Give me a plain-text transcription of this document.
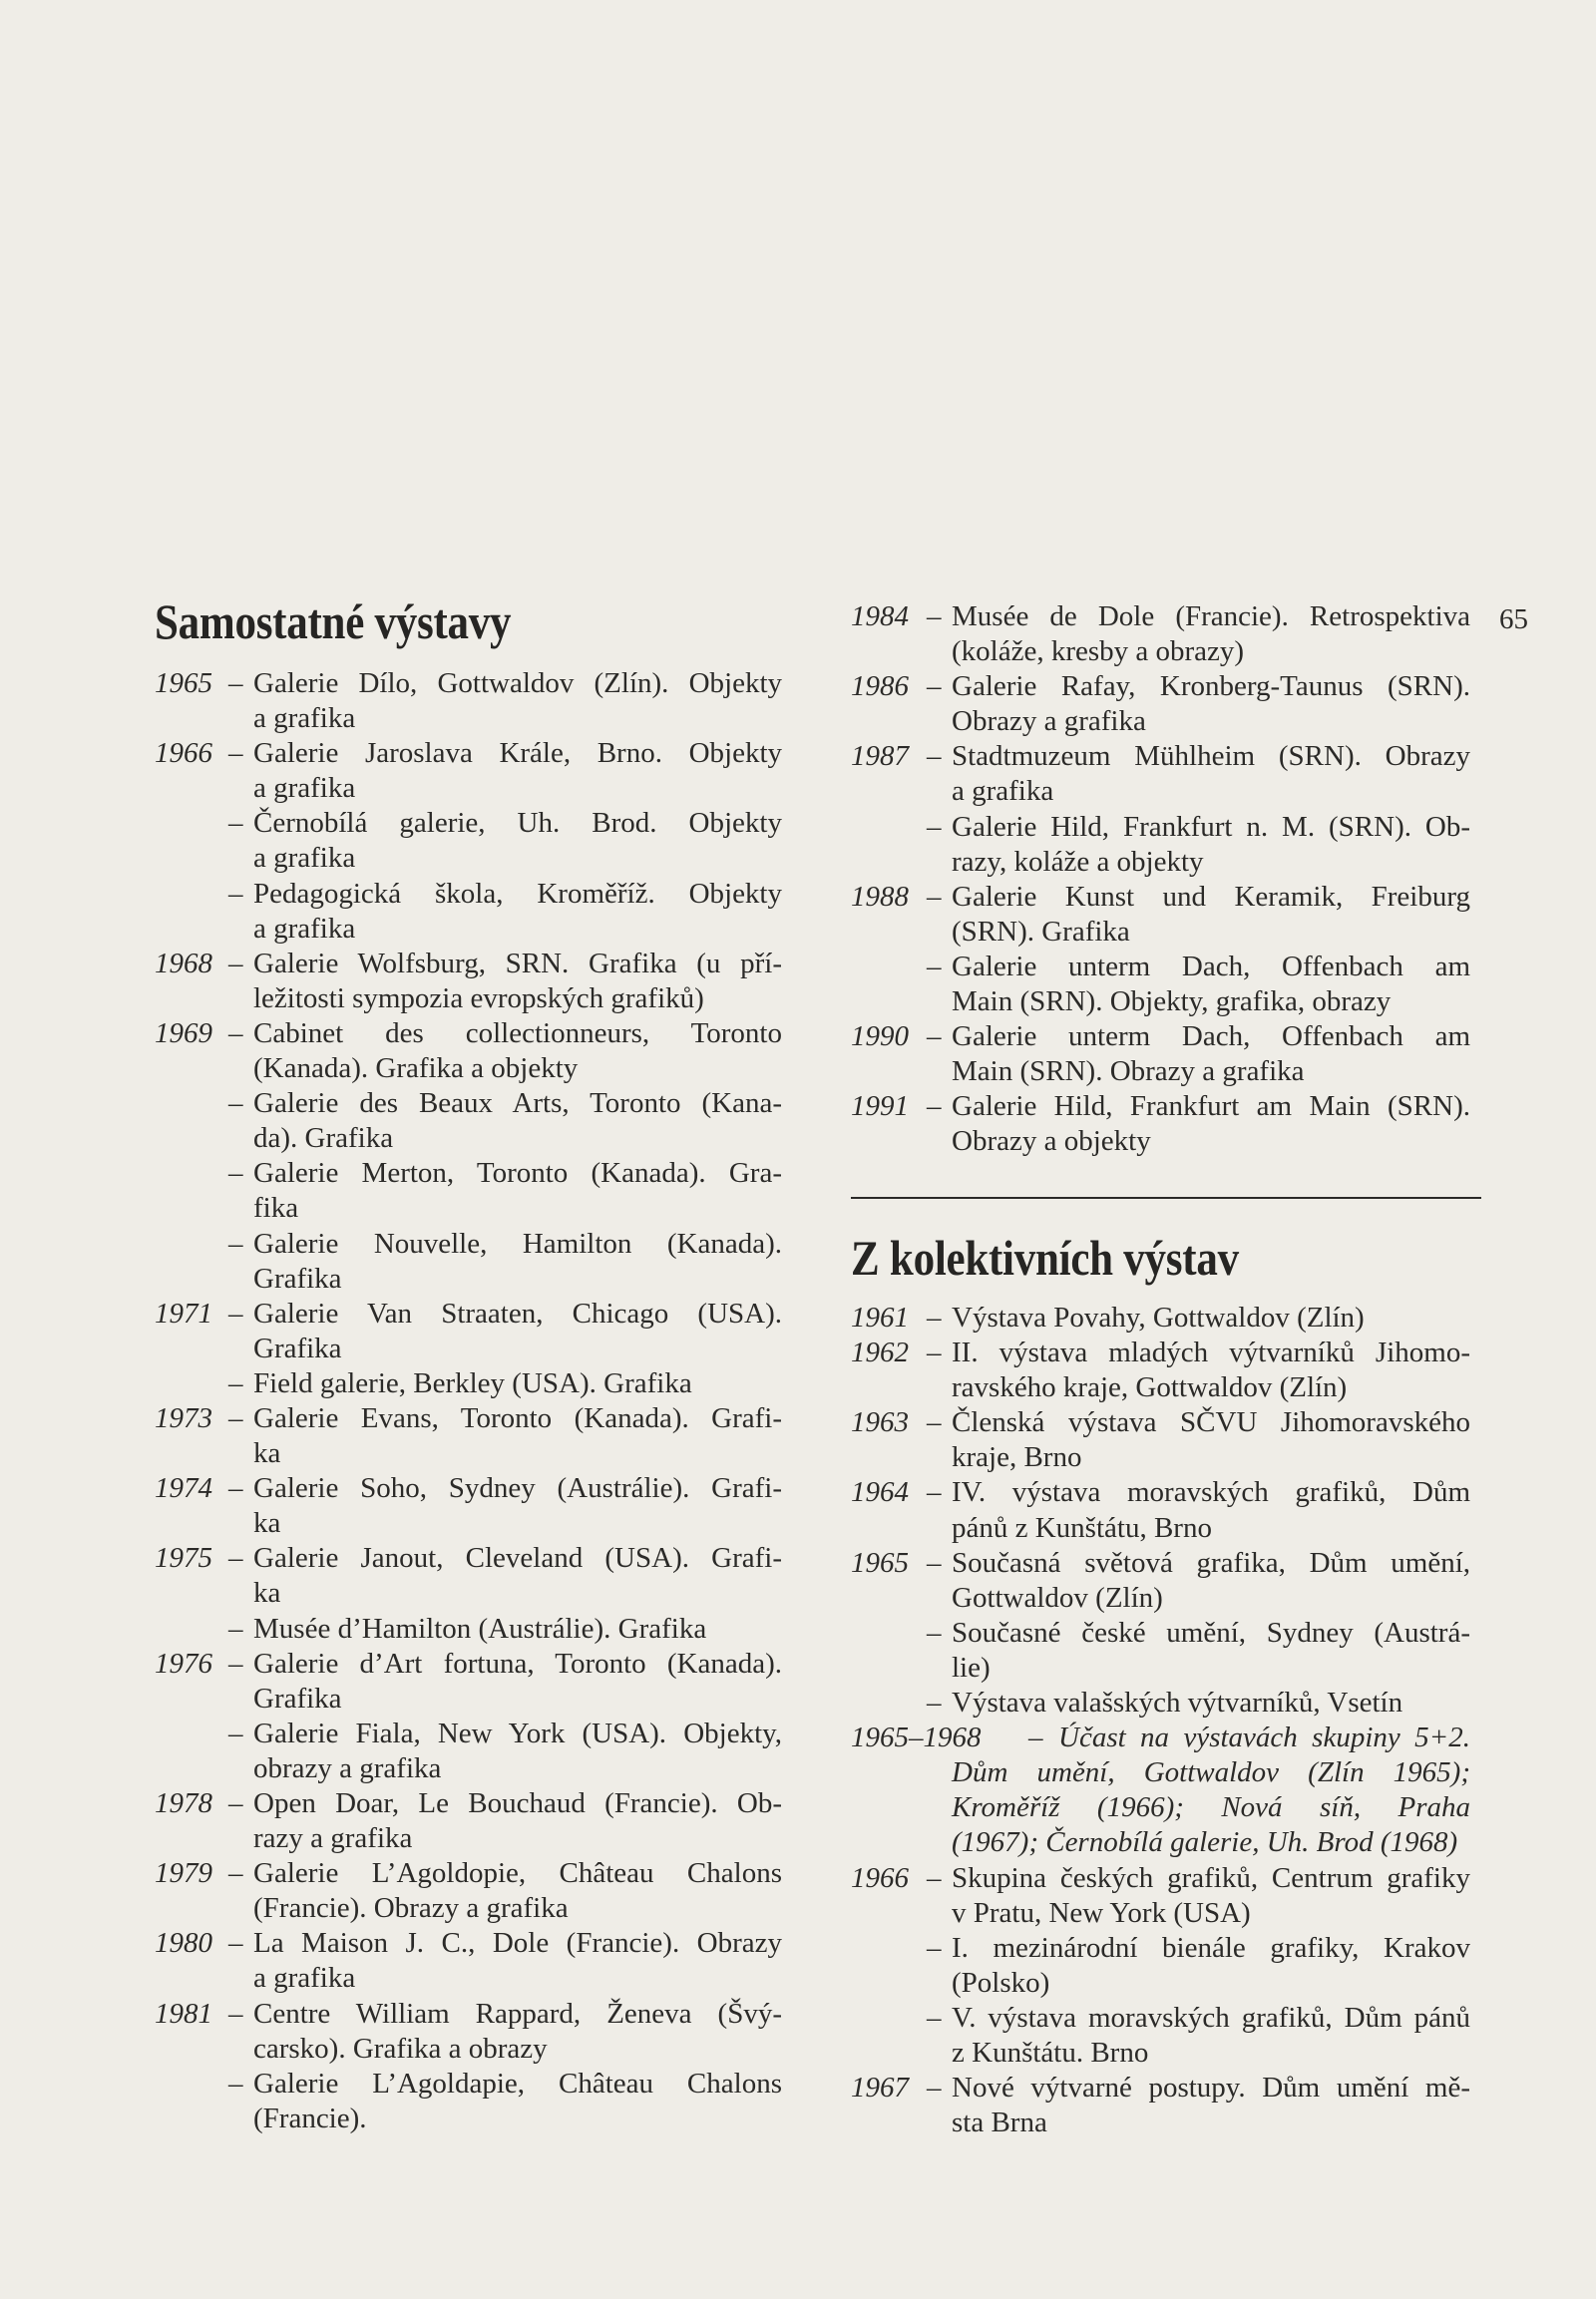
Samostatné výstavy
1965 – Galerie Dílo, Gottwaldov (Zlín). Objekty
a grafika
1966 – Galerie Jaroslava Krále, Brno. Objekty
a grafika
– Černobílá galerie, Uh. Brod. Objekty
a grafika
– Pedagogická škola, Kroměříž. Objekty
a grafika
1968 – Galerie Wolfsburg, SRN. Grafika (u pří-
ležitosti sympozia evropských grafiků)
1969 – Cabinet des collectionneurs, Toronto
(Kanada). Grafika a objekty
– Galerie des Beaux Arts, Toronto (Kana-
da). Grafika
– Galerie Merton, Toronto (Kanada). Gra-
fika
– Galerie Nouvelle, Hamilton (Kanada).
Grafika
1971 – Galerie Van Straaten, Chicago (USA).
Grafika
– Field galerie, Berkley (USA). Grafika
1973 – Galerie Evans, Toronto (Kanada). Grafi-
ka
1974 – Galerie Soho, Sydney (Austrálie). Grafi-
ka
1975 – Galerie Janout, Cleveland (USA). Grafi-
ka
– Musée d’Hamilton (Austrálie). Grafika
1976 – Galerie d’Art fortuna, Toronto (Kanada).
Grafika
– Galerie Fiala, New York (USA). Objekty,
obrazy a grafika
1978 – Open Doar, Le Bouchaud (Francie). Ob-
razy a grafika
1979 – Galerie L’Agoldopie, Château Chalons
(Francie). Obrazy a grafika
1980 – La Maison J. C., Dole (Francie). Obrazy
a grafika
1981 – Centre William Rappard, Ženeva (Švý-
carsko). Grafika a obrazy
– Galerie L’Agoldapie, Château Chalons
(Francie).
1984 – Musée de Dole (Francie). Retrospektiva
(koláže, kresby a obrazy)
1986 – Galerie Rafay, Kronberg-Taunus (SRN).
Obrazy a grafika
1987 – Stadtmuzeum Mühlheim (SRN). Obrazy
a grafika
– Galerie Hild, Frankfurt n. M. (SRN). Ob-
razy, koláže a objekty
1988 – Galerie Kunst und Keramik, Freiburg
(SRN). Grafika
– Galerie unterm Dach, Offenbach am
Main (SRN). Objekty, grafika, obrazy
1990 – Galerie unterm Dach, Offenbach am
Main (SRN). Obrazy a grafika
1991 – Galerie Hild, Frankfurt am Main (SRN).
Obrazy a objekty
65
Z kolektivních výstav
1961 – Výstava Povahy, Gottwaldov (Zlín)
1962 – II. výstava mladých výtvarníků Jihomo-
ravského kraje, Gottwaldov (Zlín)
1963 – Členská výstava SČVU Jihomoravského
kraje, Brno
1964 – IV. výstava moravských grafiků, Dům
pánů z Kunštátu, Brno
1965 – Současná světová grafika, Dům umění,
Gottwaldov (Zlín)
– Současné české umění, Sydney (Austrá-
lie)
– Výstava valašských výtvarníků, Vsetín
1965–1968 – Účast na výstavách skupiny 5+2.
Dům umění, Gottwaldov (Zlín 1965);
Kroměříž (1966); Nová síň, Praha
(1967); Černobílá galerie, Uh. Brod (1968)
1966 – Skupina českých grafiků, Centrum grafiky
v Pratu, New York (USA)
– I. mezinárodní bienále grafiky, Krakov
(Polsko)
– V. výstava moravských grafiků, Dům pánů
z Kunštátu. Brno
1967 – Nové výtvarné postupy. Dům umění mě-
sta Brna
